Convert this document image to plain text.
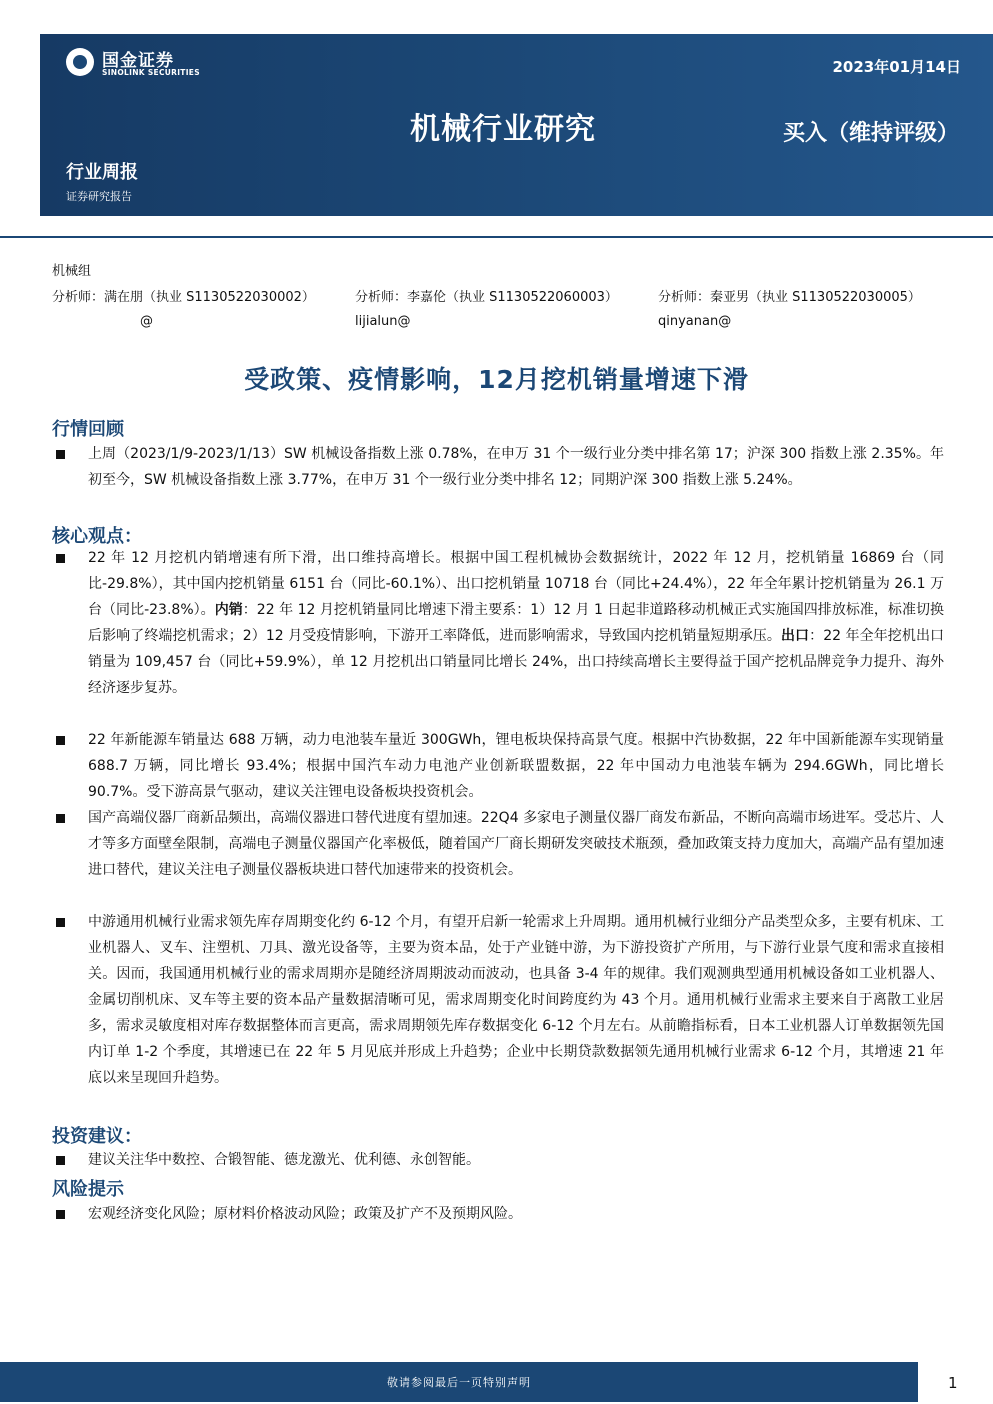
国金证券
SINOLINK SECURITIES	2023年01月14日
机械行业研究	买入（维持评级）
行业周报
证券研究报告
机械组
分析师：满在朋（执业 S1130522030002）	分析师：李嘉伦（执业 S1130522060003）	分析师：秦亚男（执业 S1130522030005）
@	lijialun@	qinyanan@
受政策、疫情影响，12月挖机销量增速下滑
行情回顾
上周（2023/1/9-2023/1/13）SW 机械设备指数上涨 0.78%，在申万 31 个一级行业分类中排名第 17；沪深 300 指数上涨 2.35%。年初至今，SW 机械设备指数上涨 3.77%，在申万 31 个一级行业分类中排名 12；同期沪深 300 指数上涨 5.24%。
核心观点：
22 年 12 月挖机内销增速有所下滑，出口维持高增长。根据中国工程机械协会数据统计，2022 年 12 月，挖机销量 16869 台（同比-29.8%），其中国内挖机销量 6151 台（同比-60.1%）、出口挖机销量 10718 台（同比+24.4%），22 年全年累计挖机销量为 26.1 万台（同比-23.8%）。内销：22 年 12 月挖机销量同比增速下滑主要系：1）12 月 1 日起非道路移动机械正式实施国四排放标准，标准切换后影响了终端挖机需求；2）12 月受疫情影响，下游开工率降低，进而影响需求，导致国内挖机销量短期承压。出口：22 年全年挖机出口销量为 109,457 台（同比+59.9%），单 12 月挖机出口销量同比增长 24%，出口持续高增长主要得益于国产挖机品牌竞争力提升、海外经济逐步复苏。
22 年新能源车销量达 688 万辆，动力电池装车量近 300GWh，锂电板块保持高景气度。根据中汽协数据，22 年中国新能源车实现销量 688.7 万辆，同比增长 93.4%；根据中国汽车动力电池产业创新联盟数据，22 年中国动力电池装车辆为 294.6GWh，同比增长 90.7%。受下游高景气驱动，建议关注锂电设备板块投资机会。
国产高端仪器厂商新品频出，高端仪器进口替代进度有望加速。22Q4 多家电子测量仪器厂商发布新品，不断向高端市场进军。受芯片、人才等多方面壁垒限制，高端电子测量仪器国产化率极低，随着国产厂商长期研发突破技术瓶颈，叠加政策支持力度加大，高端产品有望加速进口替代，建议关注电子测量仪器板块进口替代加速带来的投资机会。
中游通用机械行业需求领先库存周期变化约 6-12 个月，有望开启新一轮需求上升周期。通用机械行业细分产品类型众多，主要有机床、工业机器人、叉车、注塑机、刀具、激光设备等，主要为资本品，处于产业链中游，为下游投资扩产所用，与下游行业景气度和需求直接相关。因而，我国通用机械行业的需求周期亦是随经济周期波动而波动，也具备 3-4 年的规律。我们观测典型通用机械设备如工业机器人、金属切削机床、叉车等主要的资本品产量数据清晰可见，需求周期变化时间跨度约为 43 个月。通用机械行业需求主要来自于离散工业居多，需求灵敏度相对库存数据整体而言更高，需求周期领先库存数据变化 6-12 个月左右。从前瞻指标看，日本工业机器人订单数据领先国内订单 1-2 个季度，其增速已在 22 年 5 月见底并形成上升趋势；企业中长期贷款数据领先通用机械行业需求 6-12 个月，其增速 21 年底以来呈现回升趋势。
投资建议：
建议关注华中数控、合锻智能、德龙激光、优利德、永创智能。
风险提示
宏观经济变化风险；原材料价格波动风险；政策及扩产不及预期风险。
敬请参阅最后一页特别声明	1
